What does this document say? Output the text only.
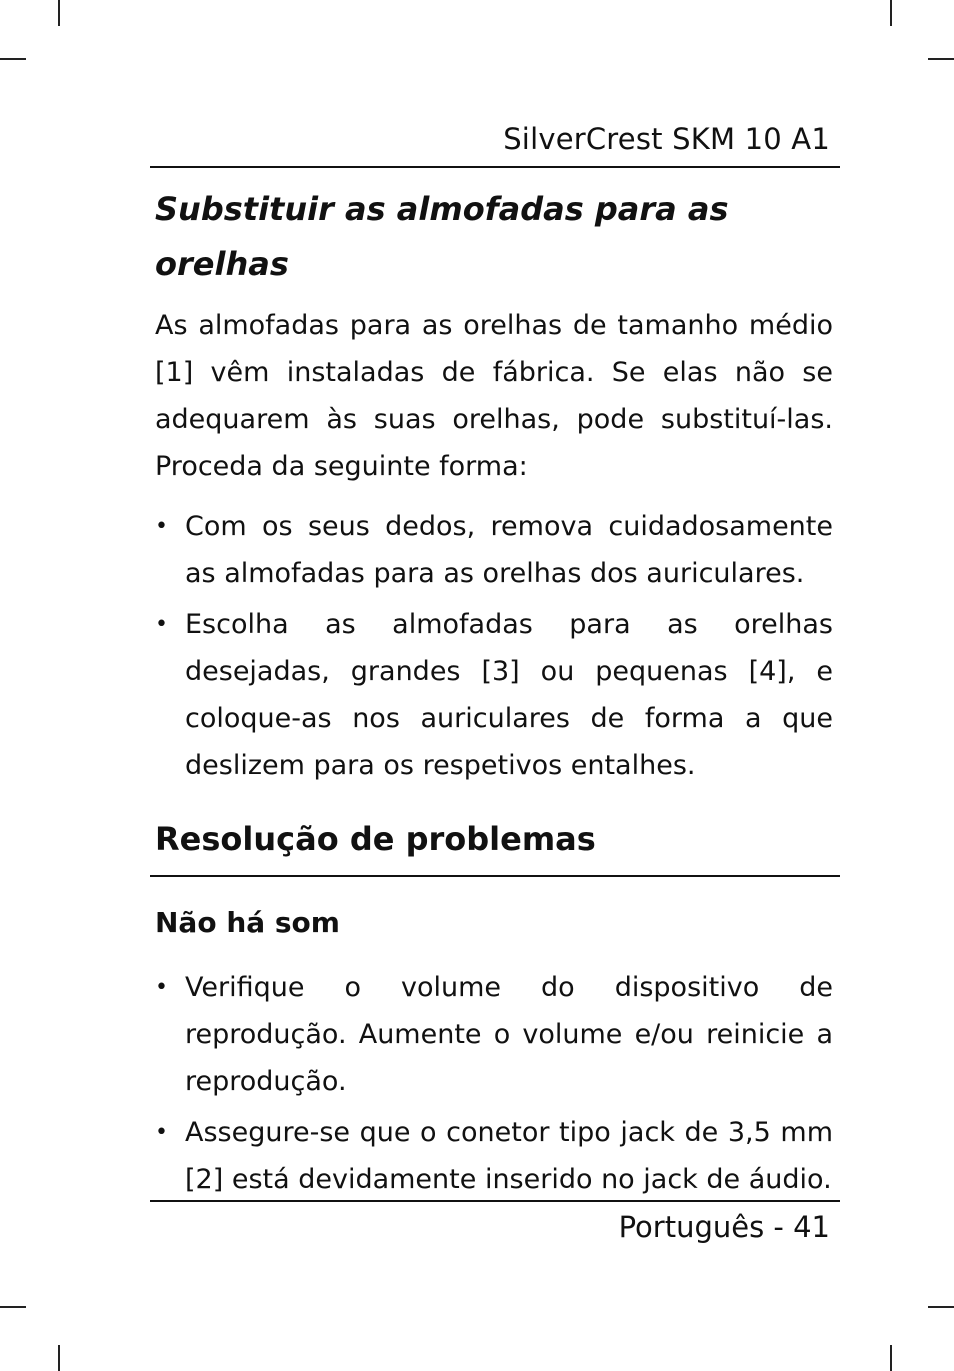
SilverCrest SKM 10 A1
Substituir as almofadas para as orelhas

As almofadas para as orelhas de tamanho médio [1] vêm instaladas de fábrica. Se elas não se adequarem às suas orelhas, pode substituí-las. Proceda da seguinte forma:

• Com os seus dedos, remova cuidadosamente as almofadas para as orelhas dos auriculares.
• Escolha as almofadas para as orelhas desejadas, grandes [3] ou pequenas [4], e coloque-as nos auriculares de forma a que deslizem para os respetivos entalhes.
Resolução de problemas
Não há som
• Verifique o volume do dispositivo de reprodução. Aumente o volume e/ou reinicie a reprodução.
• Assegure-se que o conetor tipo jack de 3,5 mm [2] está devidamente inserido no jack de áudio.
Português - 41
